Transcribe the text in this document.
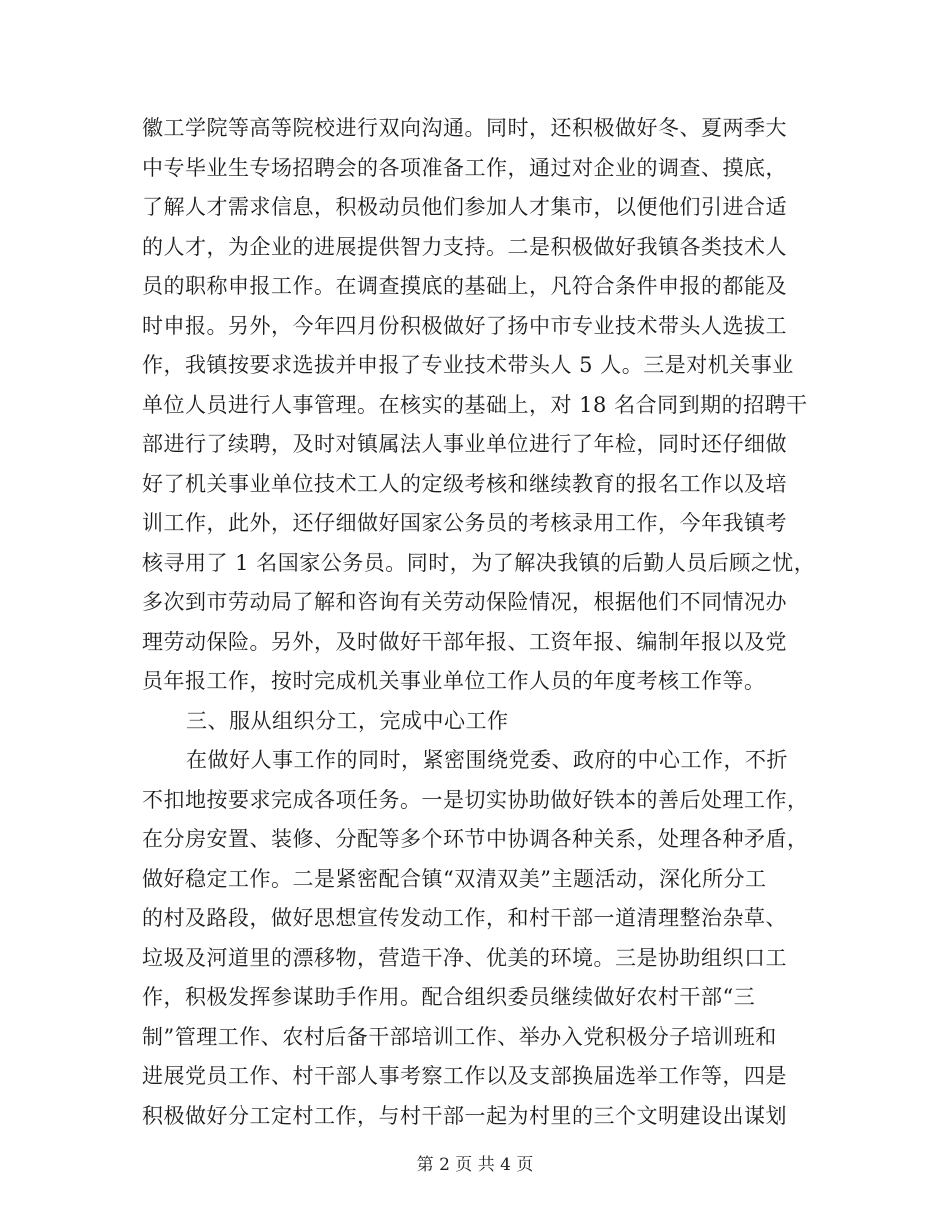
徽工学院等高等院校进行双向沟通。同时，还积极做好冬、夏两季大
中专毕业生专场招聘会的各项准备工作，通过对企业的调查、摸底，
了解人才需求信息，积极动员他们参加人才集市，以便他们引进合适
的人才，为企业的进展提供智力支持。二是积极做好我镇各类技术人
员的职称申报工作。在调查摸底的基础上，凡符合条件申报的都能及
时申报。另外，今年四月份积极做好了扬中市专业技术带头人选拔工
作，我镇按要求选拔并申报了专业技术带头人 5 人。三是对机关事业
单位人员进行人事管理。在核实的基础上，对 18 名合同到期的招聘干
部进行了续聘，及时对镇属法人事业单位进行了年检，同时还仔细做
好了机关事业单位技术工人的定级考核和继续教育的报名工作以及培
训工作，此外，还仔细做好国家公务员的考核录用工作，今年我镇考
核寻用了 1 名国家公务员。同时，为了解决我镇的后勤人员后顾之忧，
多次到市劳动局了解和咨询有关劳动保险情况，根据他们不同情况办
理劳动保险。另外，及时做好干部年报、工资年报、编制年报以及党
员年报工作，按时完成机关事业单位工作人员的年度考核工作等。
三、服从组织分工，完成中心工作
在做好人事工作的同时，紧密围绕党委、政府的中心工作，不折
不扣地按要求完成各项任务。一是切实协助做好铁本的善后处理工作，
在分房安置、装修、分配等多个环节中协调各种关系，处理各种矛盾，
做好稳定工作。二是紧密配合镇“双清双美”主题活动，深化所分工
的村及路段，做好思想宣传发动工作，和村干部一道清理整治杂草、
垃圾及河道里的漂移物，营造干净、优美的环境。三是协助组织口工
作，积极发挥参谋助手作用。配合组织委员继续做好农村干部“三
制”管理工作、农村后备干部培训工作、举办入党积极分子培训班和
进展党员工作、村干部人事考察工作以及支部换届选举工作等，四是
积极做好分工定村工作，与村干部一起为村里的三个文明建设出谋划
第 2 页 共 4 页
